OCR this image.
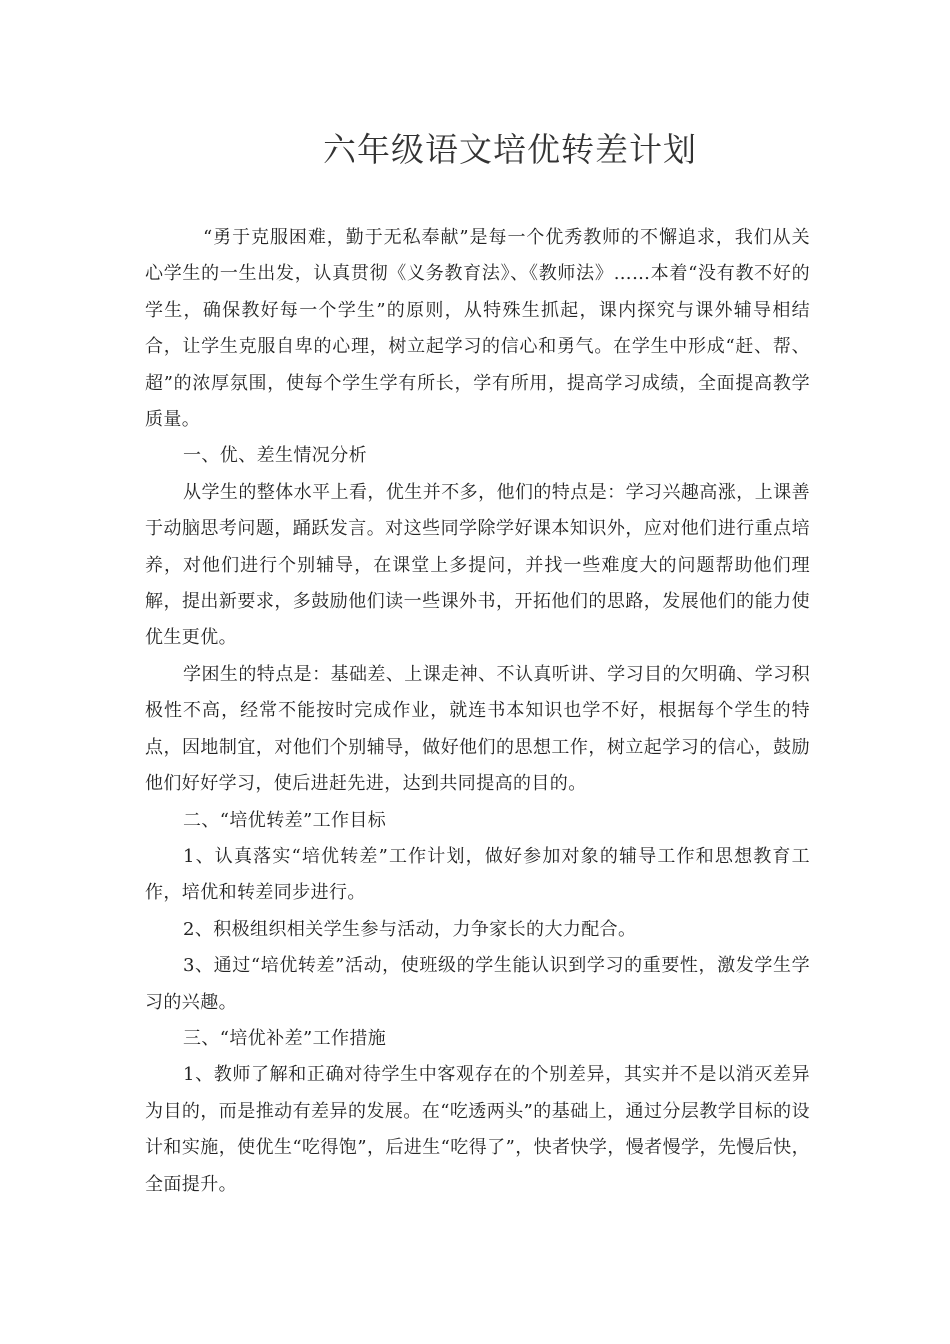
六年级语文培优转差计划

“勇于克服困难，勤于无私奉献”是每一个优秀教师的不懈追求，我们从关心学生的一生出发，认真贯彻《义务教育法》、《教师法》……本着“没有教不好的学生，确保教好每一个学生”的原则，从特殊生抓起，课内探究与课外辅导相结合，让学生克服自卑的心理，树立起学习的信心和勇气。在学生中形成“赶、帮、超”的浓厚氛围，使每个学生学有所长，学有所用，提高学习成绩，全面提高教学质量。

一、优、差生情况分析

从学生的整体水平上看，优生并不多，他们的特点是：学习兴趣高涨，上课善于动脑思考问题，踊跃发言。对这些同学除学好课本知识外，应对他们进行重点培养，对他们进行个别辅导，在课堂上多提问，并找一些难度大的问题帮助他们理解，提出新要求，多鼓励他们读一些课外书，开拓他们的思路，发展他们的能力使优生更优。

学困生的特点是：基础差、上课走神、不认真听讲、学习目的欠明确、学习积极性不高，经常不能按时完成作业，就连书本知识也学不好，根据每个学生的特点，因地制宜，对他们个别辅导，做好他们的思想工作，树立起学习的信心，鼓励他们好好学习，使后进赶先进，达到共同提高的目的。

二、“培优转差”工作目标

1、认真落实“培优转差”工作计划，做好参加对象的辅导工作和思想教育工作，培优和转差同步进行。

2、积极组织相关学生参与活动，力争家长的大力配合。

3、通过“培优转差”活动，使班级的学生能认识到学习的重要性，激发学生学习的兴趣。

三、“培优补差”工作措施

1、教师了解和正确对待学生中客观存在的个别差异，其实并不是以消灭差异为目的，而是推动有差异的发展。在“吃透两头”的基础上，通过分层教学目标的设计和实施，使优生“吃得饱”，后进生“吃得了”，快者快学，慢者慢学，先慢后快，全面提升。
